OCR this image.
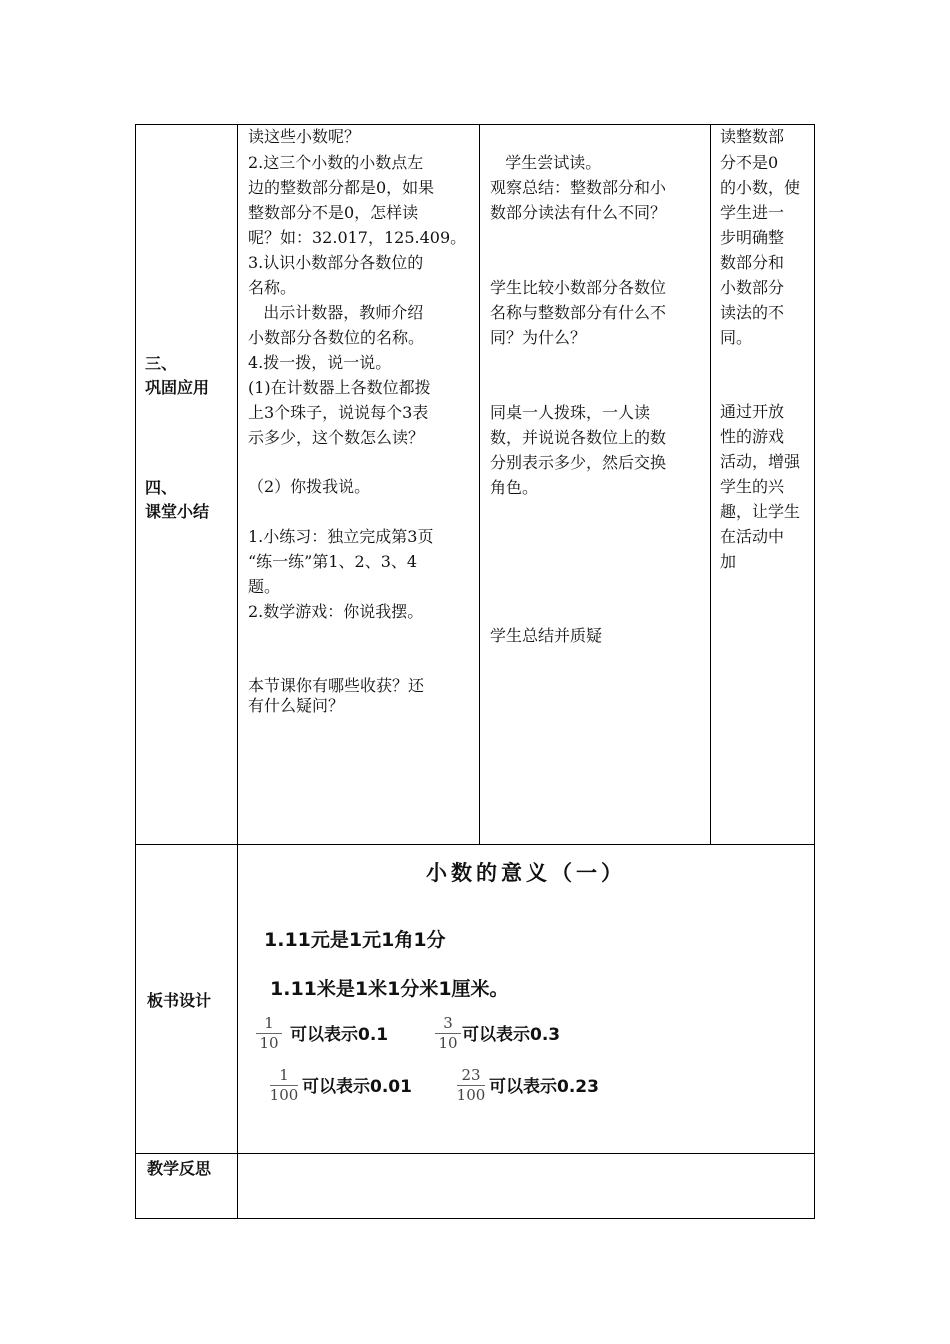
三、
巩固应用
四、
课堂小结
板书设计
教学反思
读这些小数呢？
2.这三个小数的小数点左
边的整数部分都是0，如果
整数部分不是0，怎样读
呢？如：32.017，125.409。
3.认识小数部分各数位的
名称。
出示计数器，教师介绍
小数部分各数位的名称。
4.拨一拨，说一说。
(1)在计数器上各数位都拨
上3个珠子，说说每个3表
示多少，这个数怎么读？
（2）你拨我说。
1.小练习：独立完成第3页
“练一练”第1、2、3、4
题。
2.数学游戏：你说我摆。
本节课你有哪些收获？还
有什么疑问？
学生尝试读。
观察总结：整数部分和小
数部分读法有什么不同？
学生比较小数部分各数位
名称与整数部分有什么不
同？为什么？
同桌一人拨珠，一人读
数，并说说各数位上的数
分别表示多少，然后交换
角色。
学生总结并质疑
读整数部
分不是0
的小数，使
学生进一
步明确整
数部分和
小数部分
读法的不
同。
通过开放
性的游戏
活动，增强
学生的兴
趣，让学生
在活动中
加
小数的意义（一）
1.11元是1元1角1分
1.11米是1米1分米1厘米。
1
10 可以表示0.1
3
10 可以表示0.3
1
100 可以表示0.01
23
100 可以表示0.23
